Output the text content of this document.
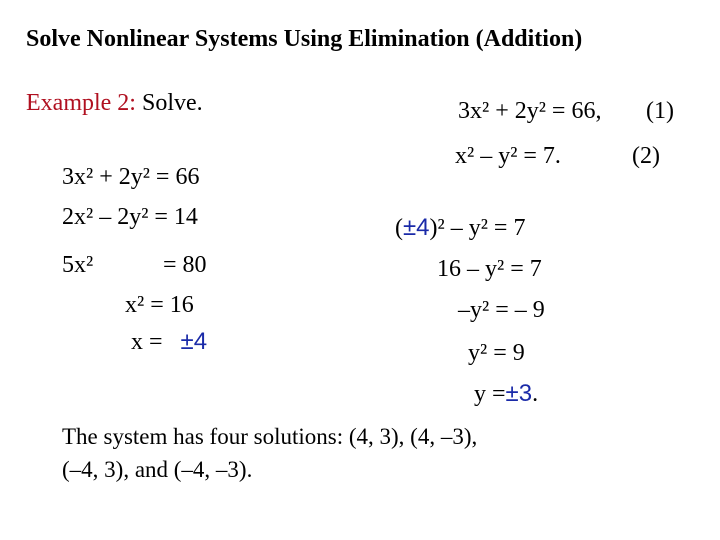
Solve Nonlinear Systems Using Elimination (Addition)
Example 2: Solve.	3x² + 2y² = 66, (1)
x² – y² = 7.	(2)
3x² + 2y² = 66
2x² – 2y² = 14
5x²	= 80
x² = 16
x = ±4
(±4)² – y² = 7
16 – y² = 7
–y² = – 9
y² = 9
y =±3.
The system has four solutions: (4, 3), (4, –3),
(–4, 3), and (–4, –3).
